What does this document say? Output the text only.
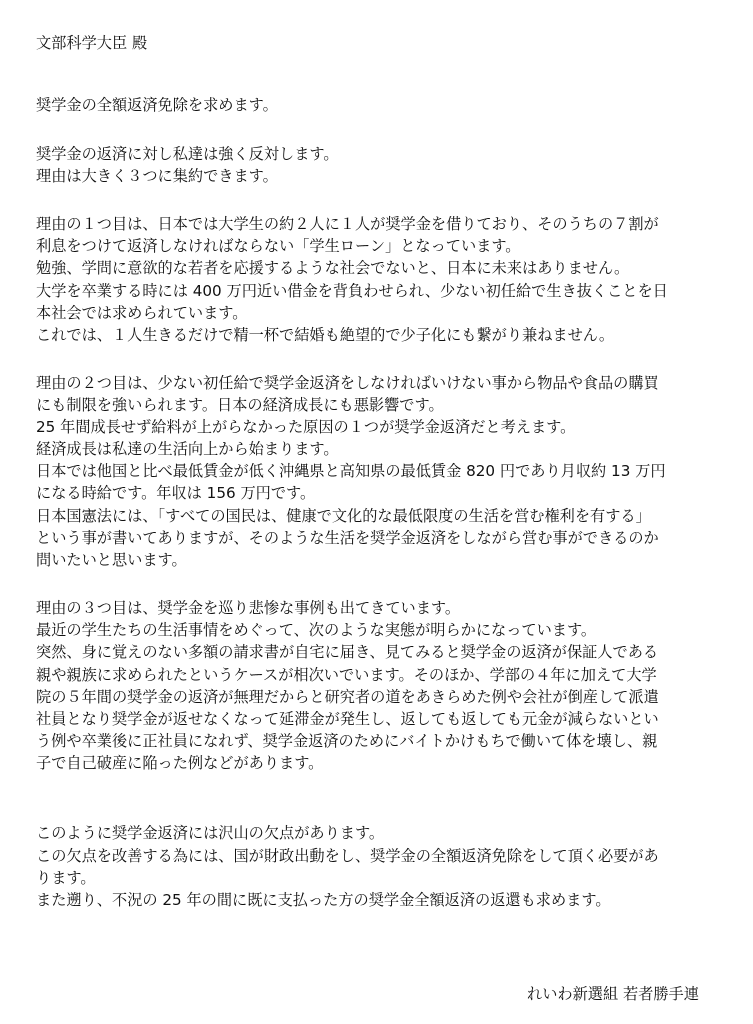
文部科学大臣 殿
奨学金の全額返済免除を求めます。
奨学金の返済に対し私達は強く反対します。
理由は大きく３つに集約できます。
理由の１つ目は、日本では大学生の約２人に１人が奨学金を借りており、そのうちの７割が
利息をつけて返済しなければならない「学生ローン」となっています。
勉強、学問に意欲的な若者を応援するような社会でないと、日本に未来はありません。
大学を卒業する時には 400 万円近い借金を背負わせられ、少ない初任給で生き抜くことを日
本社会では求められています。
これでは、１人生きるだけで精一杯で結婚も絶望的で少子化にも繋がり兼ねません。
理由の２つ目は、少ない初任給で奨学金返済をしなければいけない事から物品や食品の購買
にも制限を強いられます。日本の経済成長にも悪影響です。
25 年間成長せず給料が上がらなかった原因の１つが奨学金返済だと考えます。
経済成長は私達の生活向上から始まります。
日本では他国と比べ最低賃金が低く沖縄県と高知県の最低賃金 820 円であり月収約 13 万円
になる時給です。年収は 156 万円です。
日本国憲法には、「すべての国民は、健康で文化的な最低限度の生活を営む権利を有する」
という事が書いてありますが、そのような生活を奨学金返済をしながら営む事ができるのか
問いたいと思います。
理由の３つ目は、奨学金を巡り悲惨な事例も出てきています。
最近の学生たちの生活事情をめぐって、次のような実態が明らかになっています。
突然、身に覚えのない多額の請求書が自宅に届き、見てみると奨学金の返済が保証人である
親や親族に求められたというケースが相次いでいます。そのほか、学部の４年に加えて大学
院の５年間の奨学金の返済が無理だからと研究者の道をあきらめた例や会社が倒産して派遣
社員となり奨学金が返せなくなって延滞金が発生し、返しても返しても元金が減らないとい
う例や卒業後に正社員になれず、奨学金返済のためにバイトかけもちで働いて体を壊し、親
子で自己破産に陥った例などがあります。
このように奨学金返済には沢山の欠点があります。
この欠点を改善する為には、国が財政出動をし、奨学金の全額返済免除をして頂く必要があ
ります。
また遡り、不況の 25 年の間に既に支払った方の奨学金全額返済の返還も求めます。
れいわ新選組 若者勝手連
